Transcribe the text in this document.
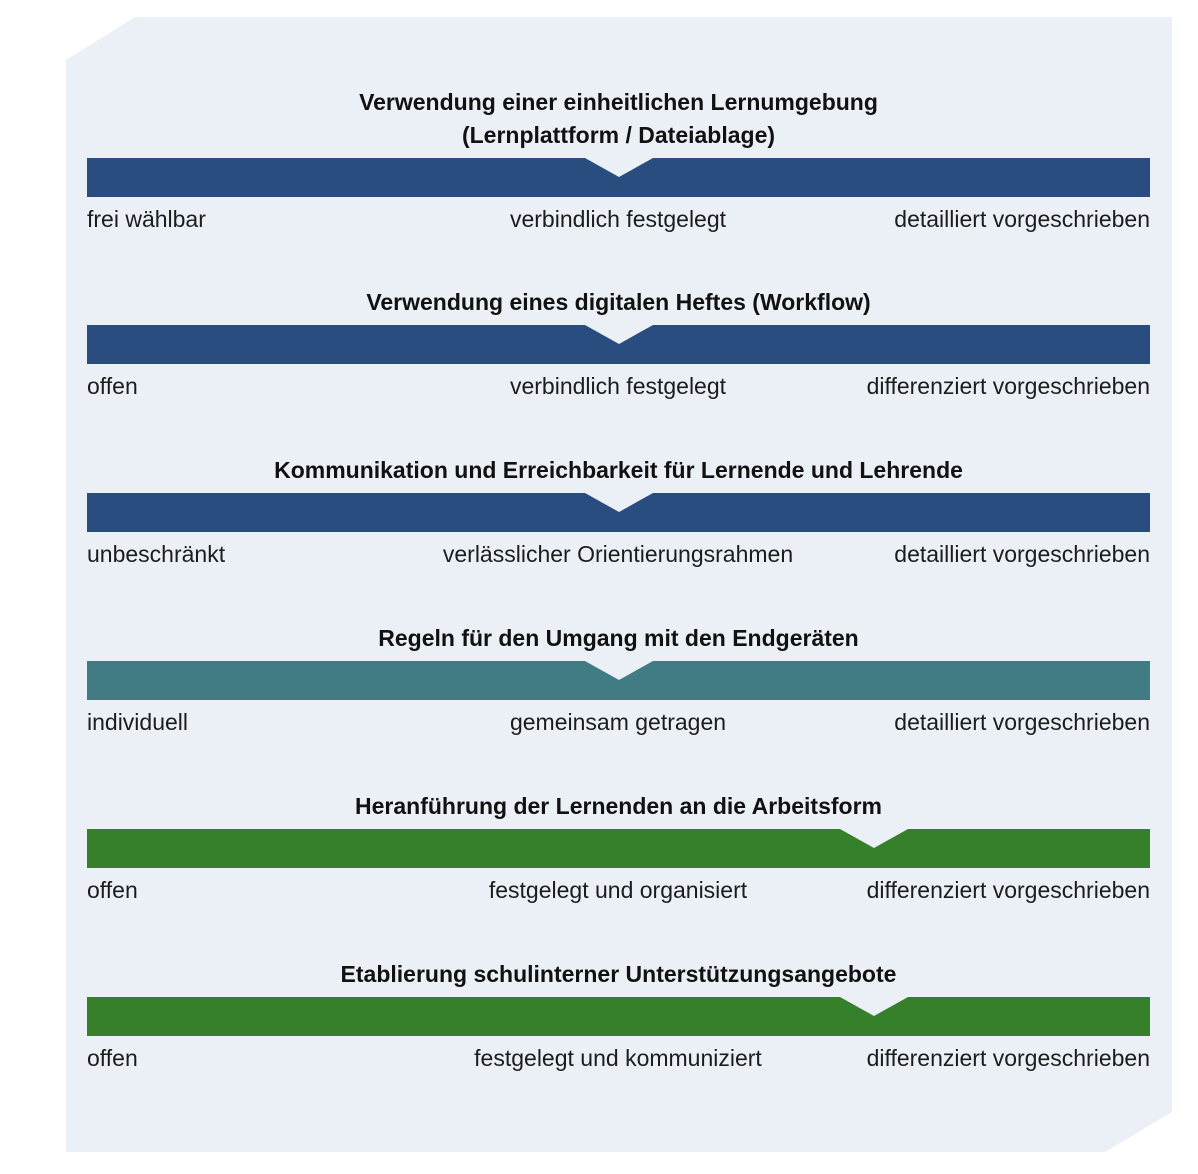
Verwendung einer einheitlichen Lernumgebung
(Lernplattform / Dateiablage)
frei wählbar	verbindlich festgelegt	detailliert vorgeschrieben
Verwendung eines digitalen Heftes (Workflow)
offen	verbindlich festgelegt	differenziert vorgeschrieben
Kommunikation und Erreichbarkeit für Lernende und Lehrende
unbeschränkt	verlässlicher Orientierungsrahmen	detailliert vorgeschrieben
Regeln für den Umgang mit den Endgeräten
individuell	gemeinsam getragen	detailliert vorgeschrieben
Heranführung der Lernenden an die Arbeitsform
offen	festgelegt und organisiert	differenziert vorgeschrieben
Etablierung schulinterner Unterstützungsangebote
offen	festgelegt und kommuniziert	differenziert vorgeschrieben
